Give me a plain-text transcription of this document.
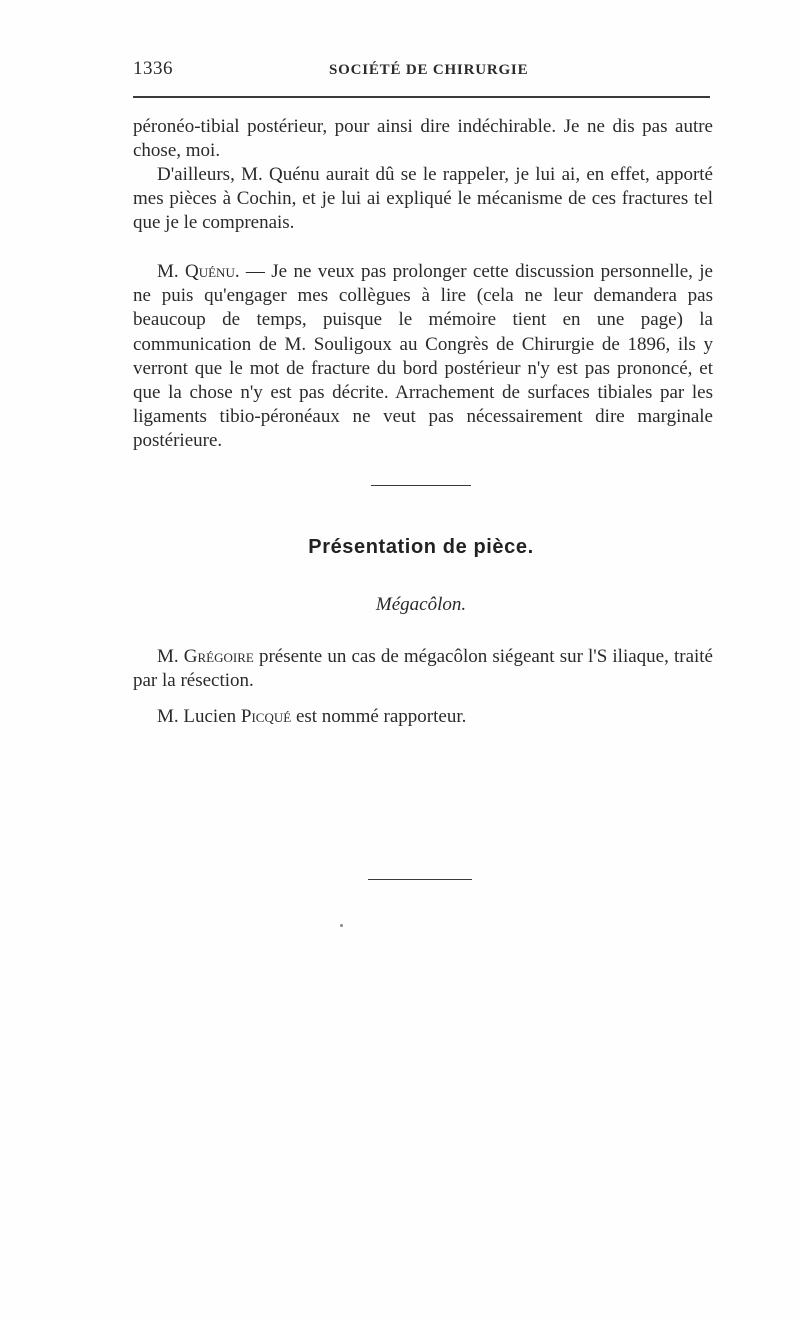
1336	SOCIÉTÉ DE CHIRURGIE

péronéo-tibial postérieur, pour ainsi dire indéchirable. Je ne dis pas autre chose, moi.

D'ailleurs, M. Quénu aurait dû se le rappeler, je lui ai, en effet, apporté mes pièces à Cochin, et je lui ai expliqué le mécanisme de ces fractures tel que je le comprenais.

M. Quénu. — Je ne veux pas prolonger cette discussion personnelle, je ne puis qu'engager mes collègues à lire (cela ne leur demandera pas beaucoup de temps, puisque le mémoire tient en une page) la communication de M. Souligoux au Congrès de Chirurgie de 1896, ils y verront que le mot de fracture du bord postérieur n'y est pas prononcé, et que la chose n'y est pas décrite. Arrachement de surfaces tibiales par les ligaments tibio-péronéaux ne veut pas nécessairement dire marginale postérieure.

Présentation de pièce.
Mégacôlon.

M. Grégoire présente un cas de mégacôlon siégeant sur l'S iliaque, traité par la résection.

M. Lucien Picqué est nommé rapporteur.
